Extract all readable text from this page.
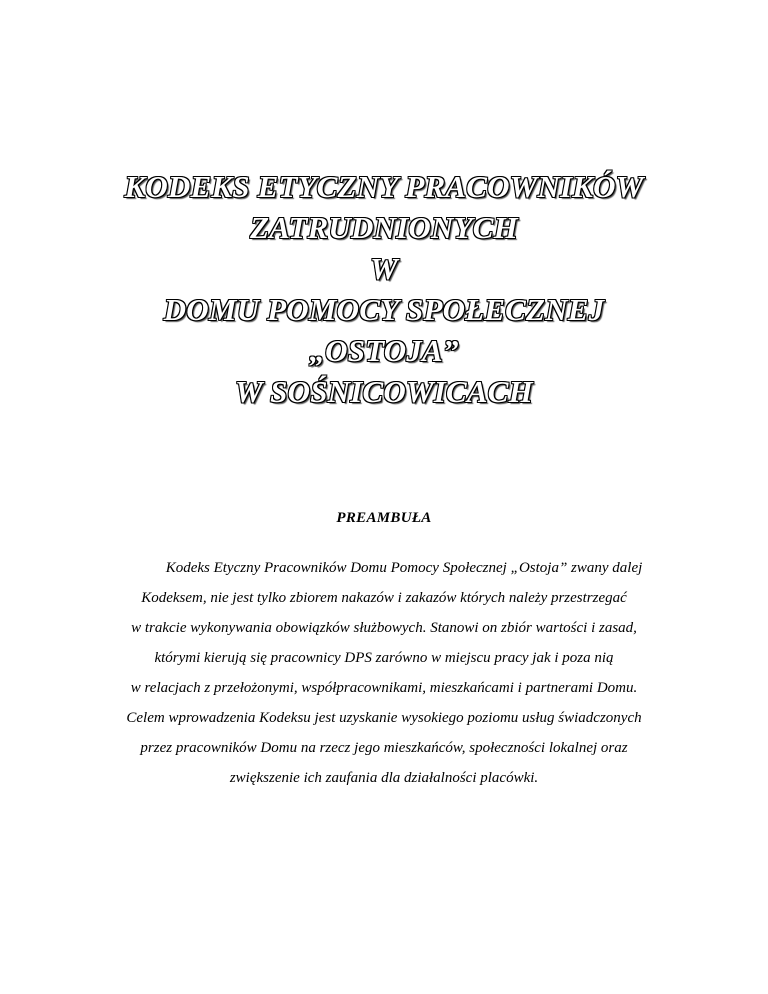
KODEKS ETYCZNY PRACOWNIKÓW
ZATRUDNIONYCH
W
DOMU POMOCY SPOŁECZNEJ
„OSTOJA”
W SOŚNICOWICACH
PREAMBUŁA
Kodeks Etyczny Pracowników Domu Pomocy Społecznej „Ostoja” zwany dalej
Kodeksem, nie jest tylko zbiorem nakazów i zakazów których należy przestrzegać
w trakcie wykonywania obowiązków służbowych. Stanowi on zbiór wartości i zasad,
którymi kierują się pracownicy DPS zarówno w miejscu pracy jak i poza nią
w relacjach z przełożonymi, współpracownikami, mieszkańcami i partnerami Domu.
Celem wprowadzenia Kodeksu jest uzyskanie wysokiego poziomu usług świadczonych
przez pracowników Domu na rzecz jego mieszkańców, społeczności lokalnej oraz
zwiększenie ich zaufania dla działalności placówki.
